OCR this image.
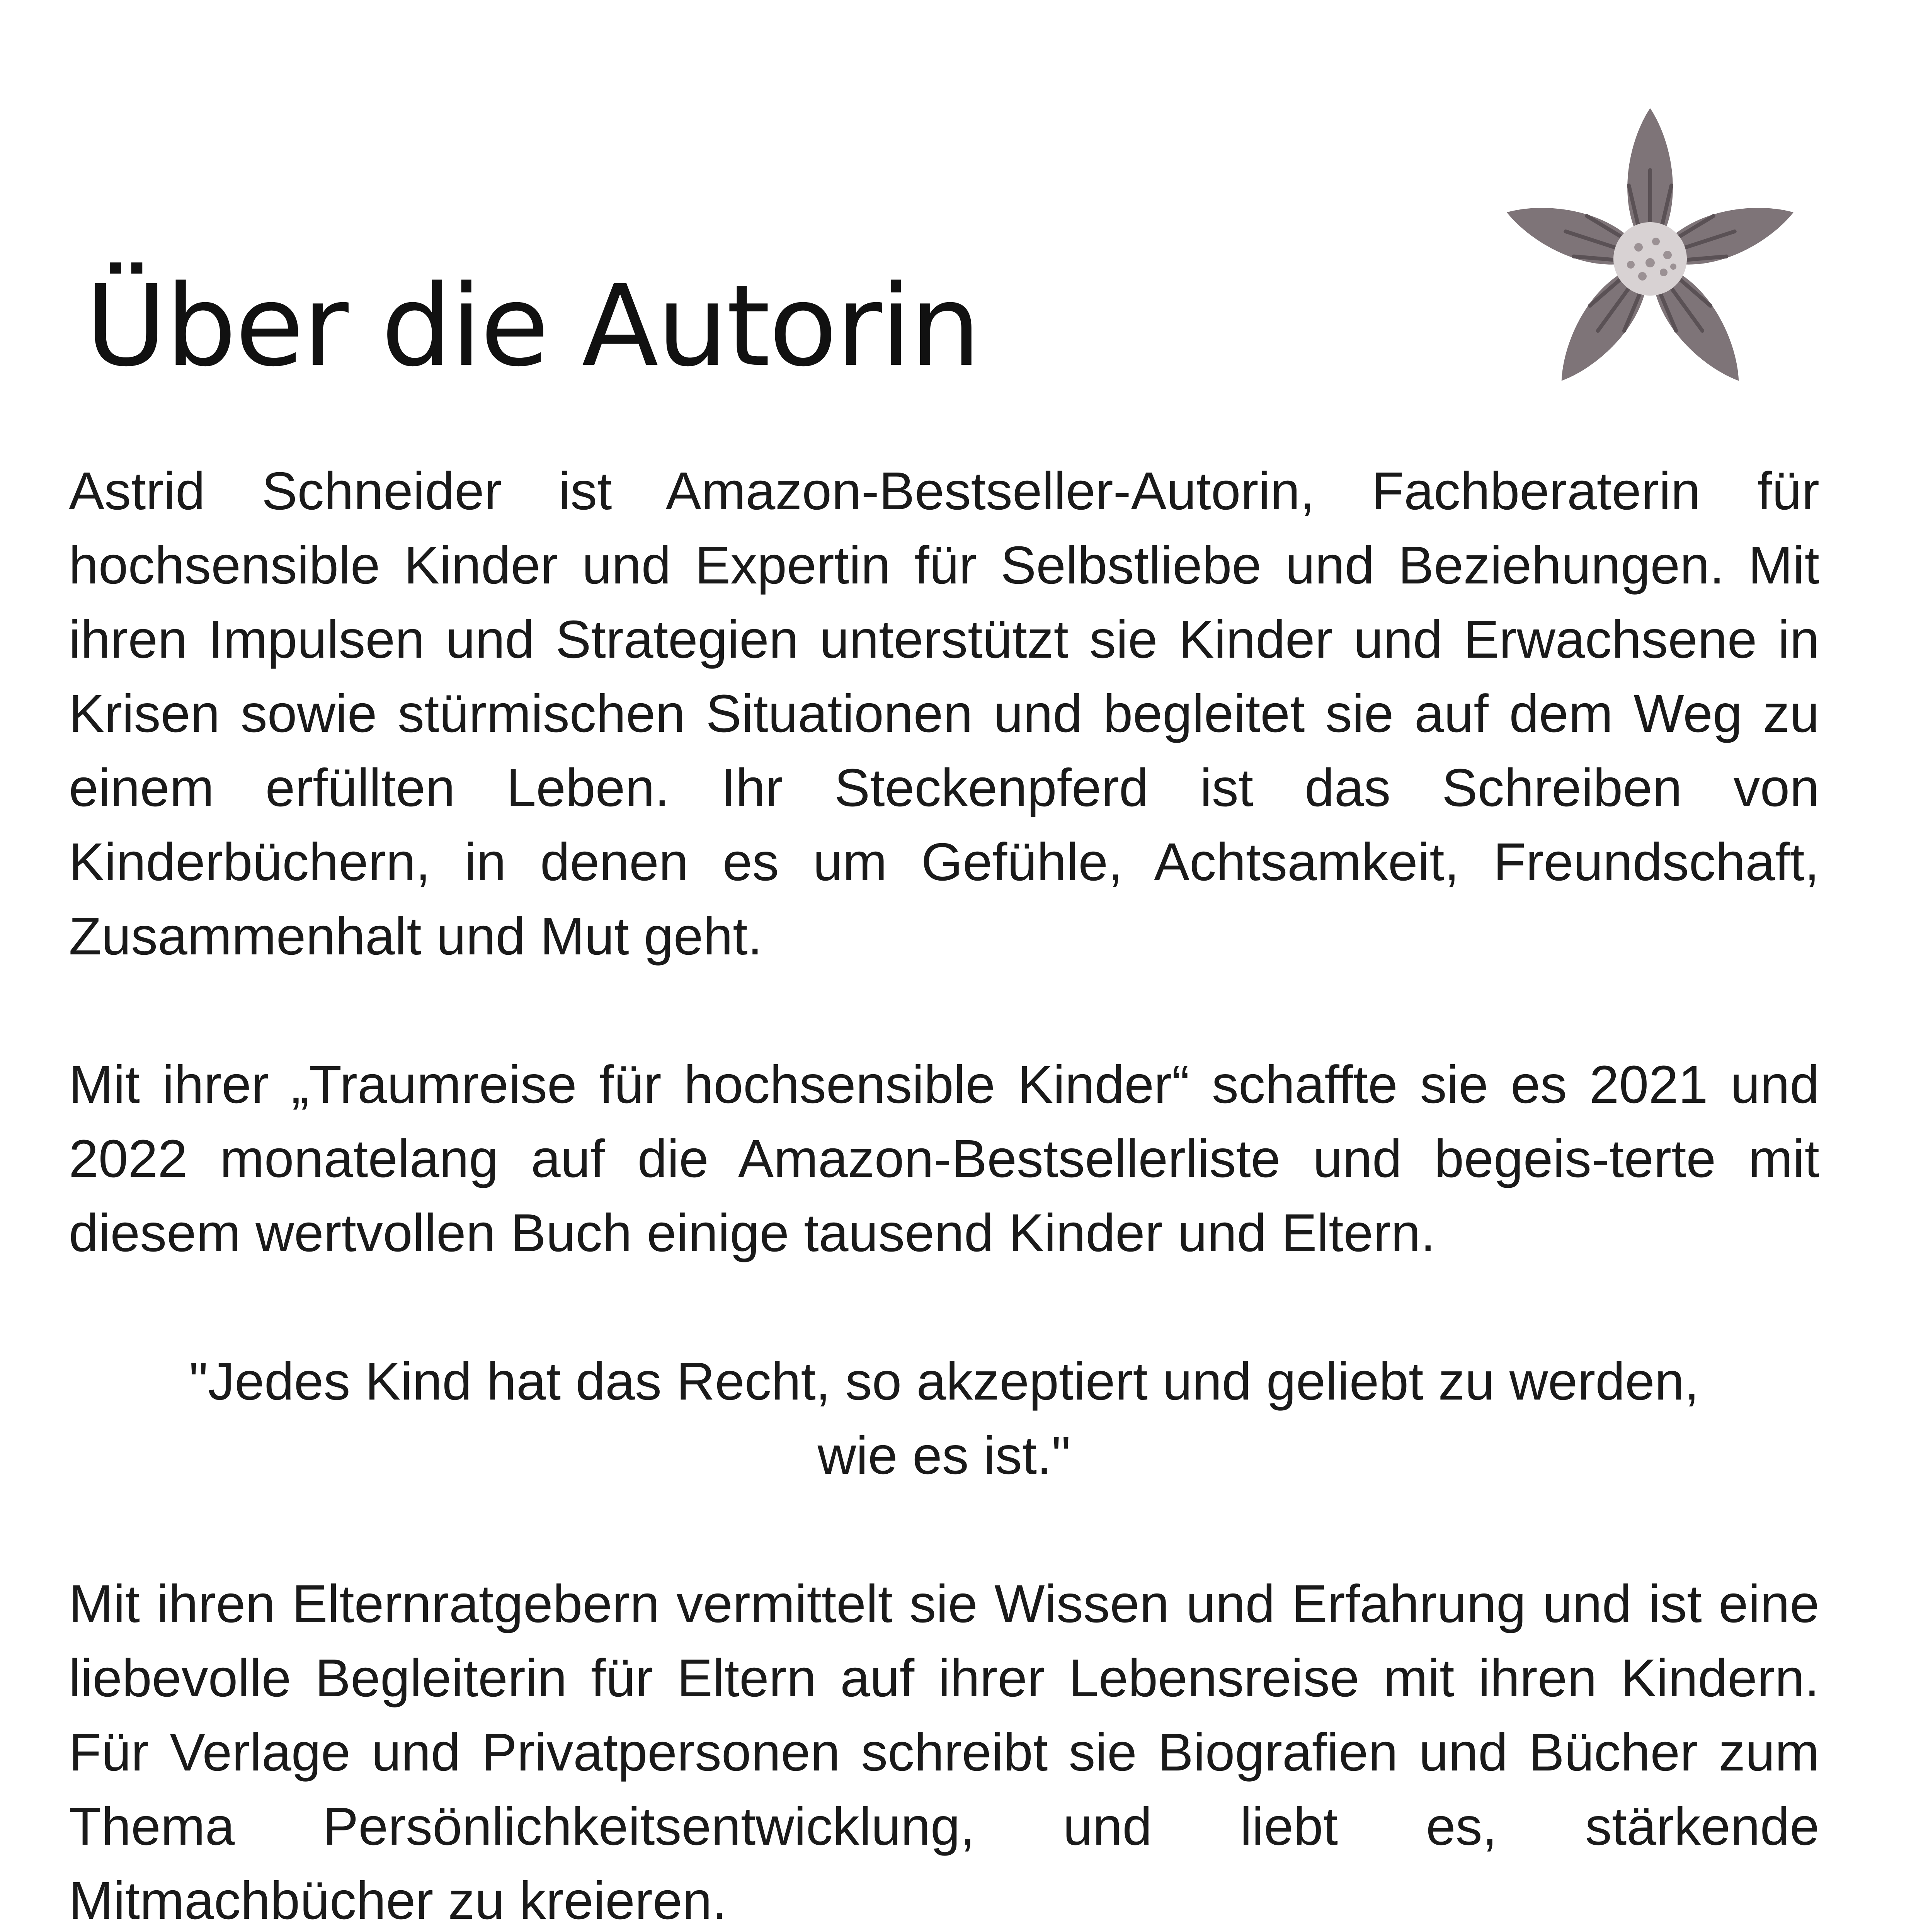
Über die Autorin

Astrid Schneider ist Amazon-Bestseller-Autorin, Fachberaterin für hochsensible Kinder und Expertin für Selbstliebe und Beziehungen. Mit ihren Impulsen und Strategien unterstützt sie Kinder und Erwachsene in Krisen sowie stürmischen Situationen und begleitet sie auf dem Weg zu einem erfüllten Leben. Ihr Steckenpferd ist das Schreiben von Kinderbüchern, in denen es um Gefühle, Achtsamkeit, Freundschaft, Zusammenhalt und Mut geht.

Mit ihrer „Traumreise für hochsensible Kinder“ schaffte sie es 2021 und 2022 monatelang auf die Amazon-Bestsellerliste und begeis-terte mit diesem wertvollen Buch einige tausend Kinder und Eltern.

"Jedes Kind hat das Recht, so akzeptiert und geliebt zu werden,

wie es ist."

Mit ihren Elternratgebern vermittelt sie Wissen und Erfahrung und ist eine liebevolle Begleiterin für Eltern auf ihrer Lebensreise mit ihren Kindern. Für Verlage und Privatpersonen schreibt sie Biografien und Bücher zum Thema Persönlichkeitsentwicklung, und liebt es, stärkende Mitmachbücher zu kreieren.
